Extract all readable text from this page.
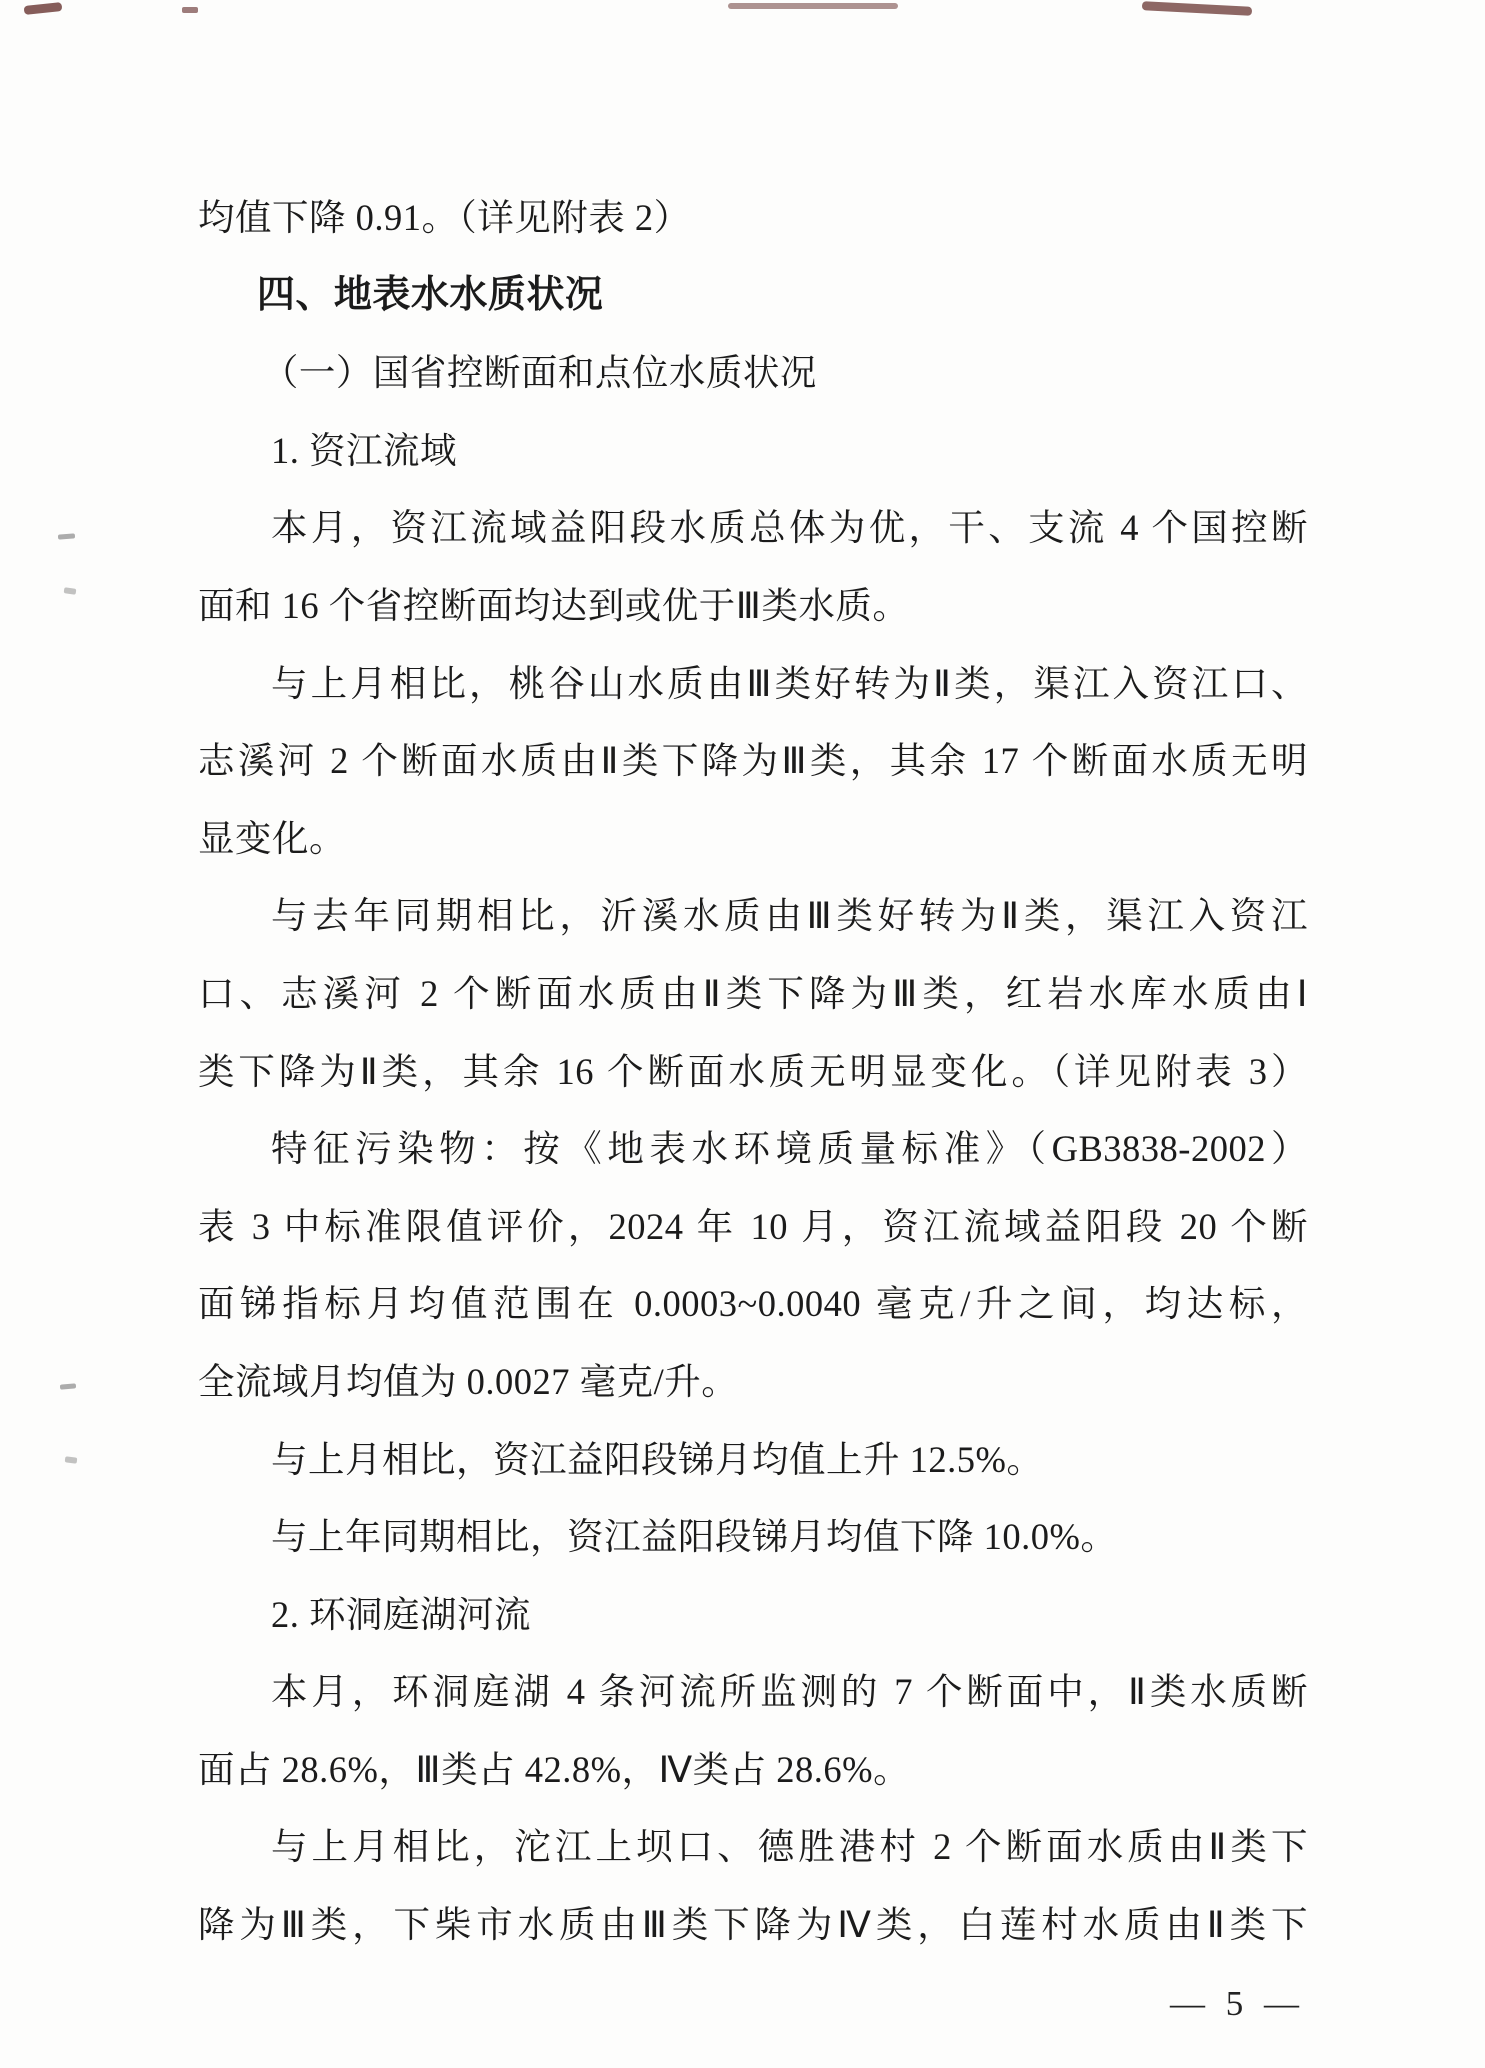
均值下降 0.91。（详见附表 2）
四、地表水水质状况
（一）国省控断面和点位水质状况
1. 资江流域
本月，资江流域益阳段水质总体为优，干、支流 4 个国控断
面和 16 个省控断面均达到或优于Ⅲ类水质。
与上月相比，桃谷山水质由Ⅲ类好转为Ⅱ类，渠江入资江口、
志溪河 2 个断面水质由Ⅱ类下降为Ⅲ类，其余 17 个断面水质无明
显变化。
与去年同期相比，沂溪水质由Ⅲ类好转为Ⅱ类，渠江入资江
口、志溪河 2 个断面水质由Ⅱ类下降为Ⅲ类，红岩水库水质由Ⅰ
类下降为Ⅱ类，其余 16 个断面水质无明显变化。（详见附表 3）
特征污染物：按《地表水环境质量标准》（GB3838-2002）
表 3 中标准限值评价，2024 年 10 月，资江流域益阳段 20 个断
面锑指标月均值范围在 0.0003~0.0040 毫克/升之间，均达标，
全流域月均值为 0.0027 毫克/升。
与上月相比，资江益阳段锑月均值上升 12.5%。
与上年同期相比，资江益阳段锑月均值下降 10.0%。
2. 环洞庭湖河流
本月，环洞庭湖 4 条河流所监测的 7 个断面中，Ⅱ类水质断
面占 28.6%，Ⅲ类占 42.8%，Ⅳ类占 28.6%。
与上月相比，沱江上坝口、德胜港村 2 个断面水质由Ⅱ类下
降为Ⅲ类，下柴市水质由Ⅲ类下降为Ⅳ类，白莲村水质由Ⅱ类下
— 5 —
